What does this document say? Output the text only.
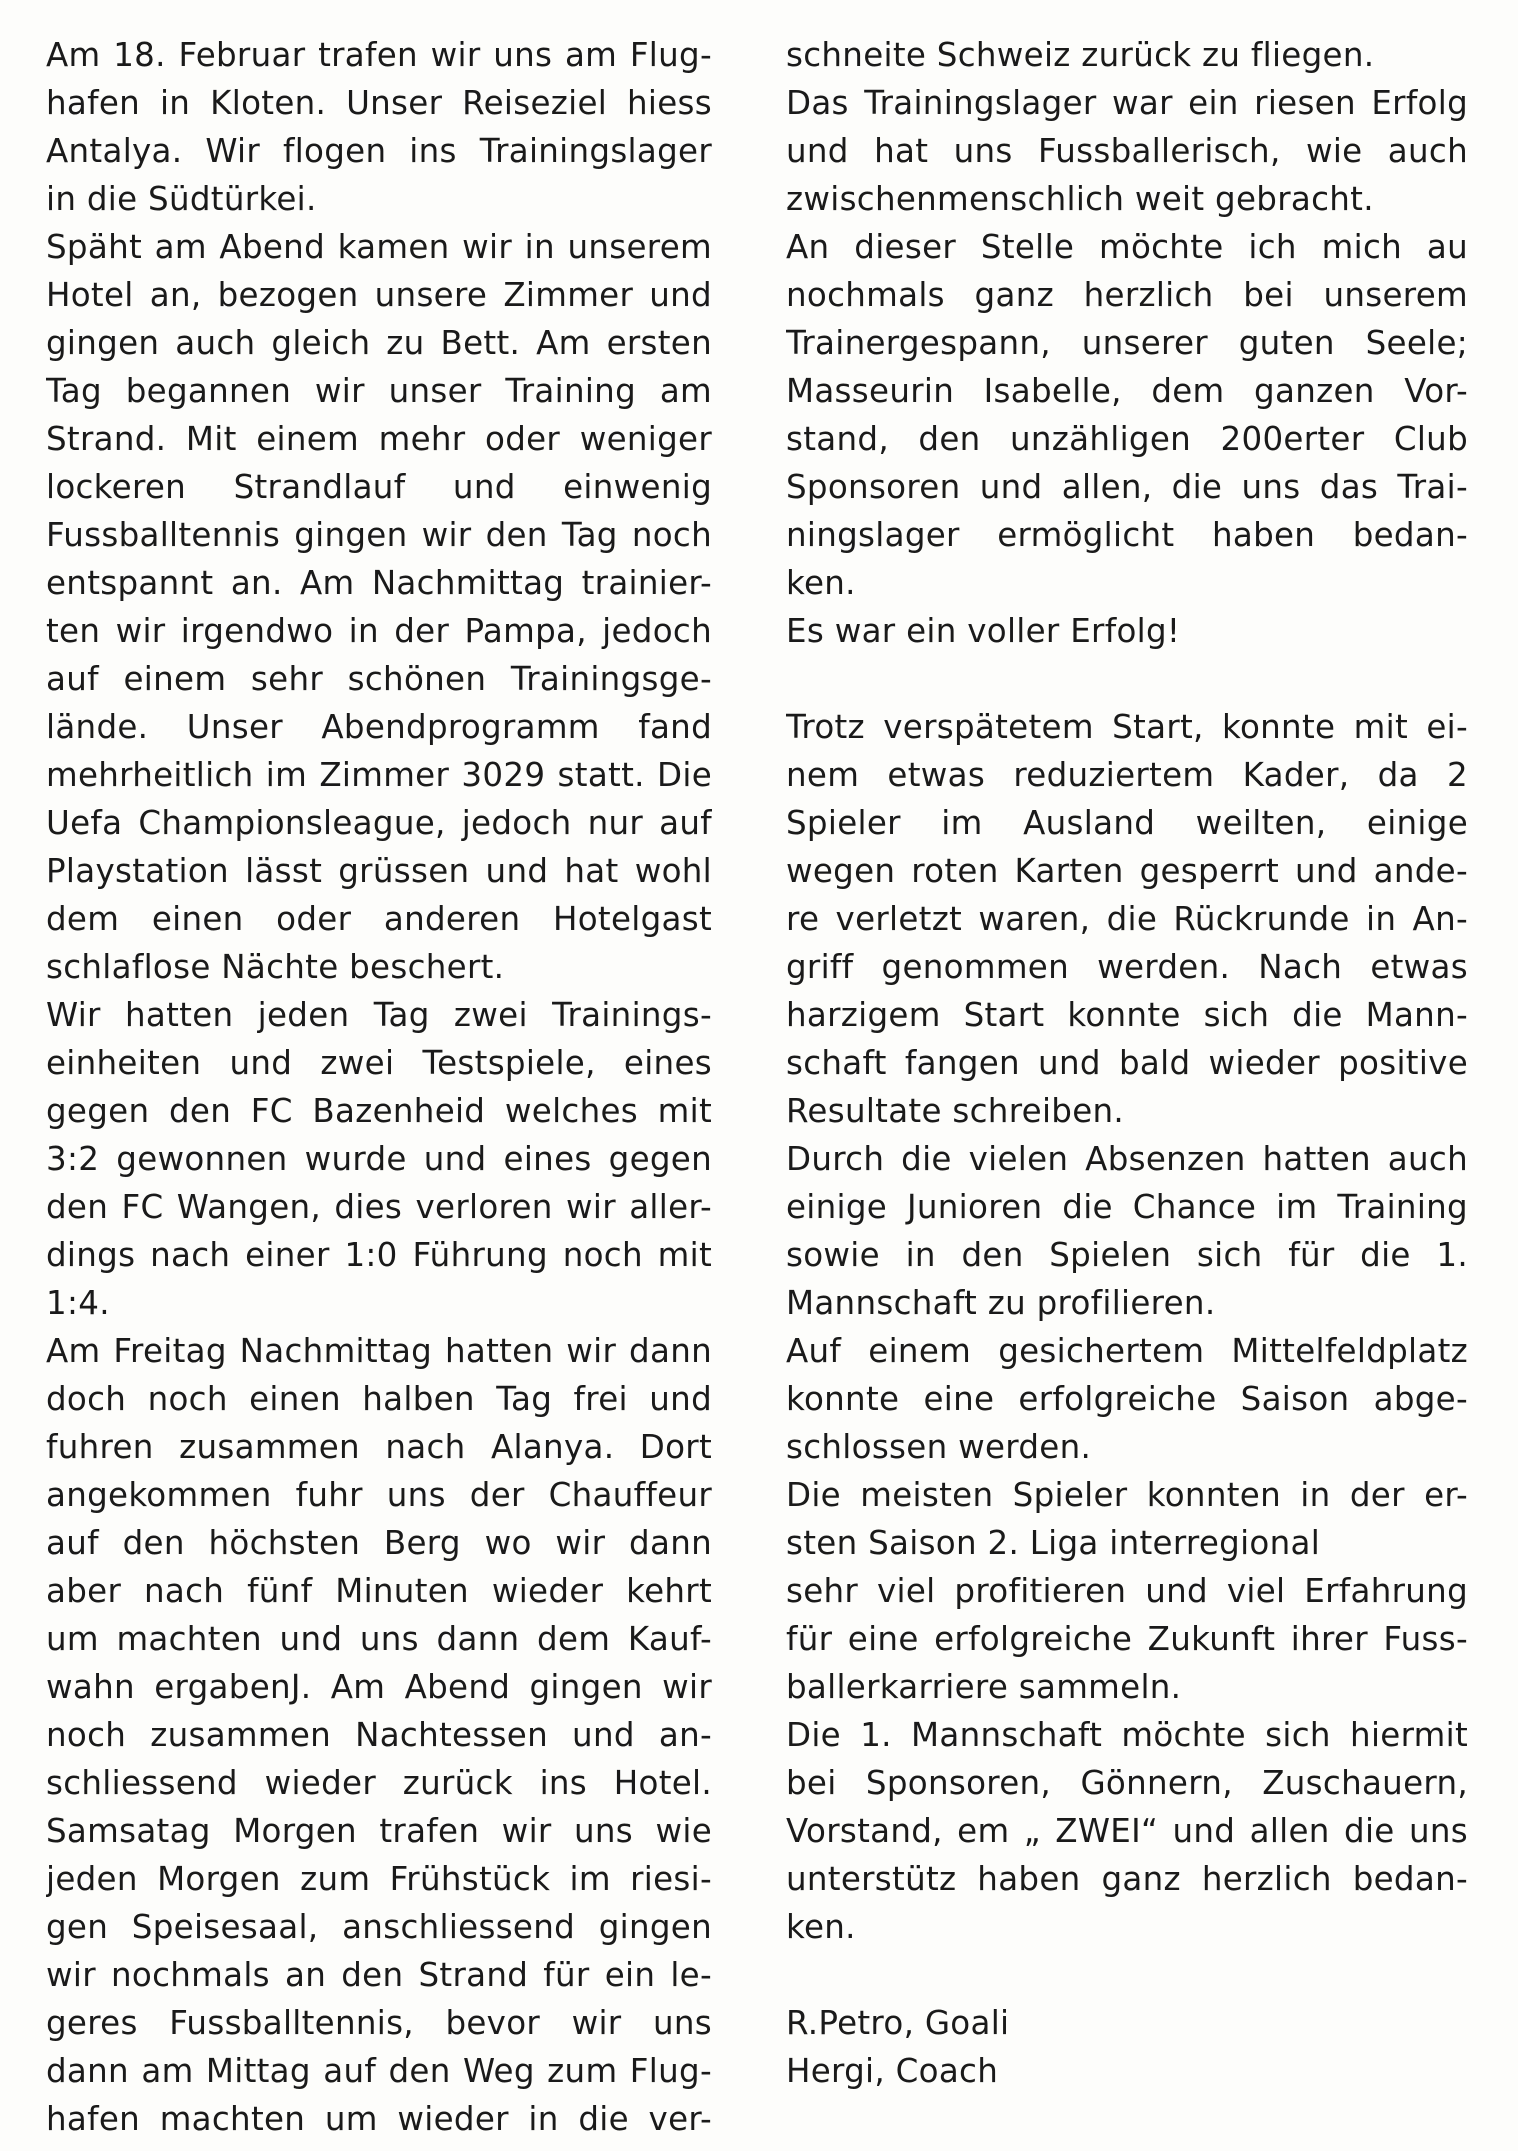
Am 18. Februar trafen wir uns am Flug-
hafen in Kloten. Unser Reiseziel hiess
Antalya. Wir flogen ins Trainingslager
in die Südtürkei.
Späht am Abend kamen wir in unserem
Hotel an, bezogen unsere Zimmer und
gingen auch gleich zu Bett. Am ersten
Tag begannen wir unser Training am
Strand. Mit einem mehr oder weniger
lockeren Strandlauf und einwenig
Fussballtennis gingen wir den Tag noch
entspannt an. Am Nachmittag trainier-
ten wir irgendwo in der Pampa, jedoch
auf einem sehr schönen Trainingsge-
lände. Unser Abendprogramm fand
mehrheitlich im Zimmer 3029 statt. Die
Uefa Championsleague, jedoch nur auf
Playstation lässt grüssen und hat wohl
dem einen oder anderen Hotelgast
schlaflose Nächte beschert.
Wir hatten jeden Tag zwei Trainings-
einheiten und zwei Testspiele, eines
gegen den FC Bazenheid welches mit
3:2 gewonnen wurde und eines gegen
den FC Wangen, dies verloren wir aller-
dings nach einer 1:0 Führung noch mit
1:4.
Am Freitag Nachmittag hatten wir dann
doch noch einen halben Tag frei und
fuhren zusammen nach Alanya. Dort
angekommen fuhr uns der Chauffeur
auf den höchsten Berg wo wir dann
aber nach fünf Minuten wieder kehrt
um machten und uns dann dem Kauf-
wahn ergabenJ. Am Abend gingen wir
noch zusammen Nachtessen und an-
schliessend wieder zurück ins Hotel.
Samsatag Morgen trafen wir uns wie
jeden Morgen zum Frühstück im riesi-
gen Speisesaal, anschliessend gingen
wir nochmals an den Strand für ein le-
geres Fussballtennis, bevor wir uns
dann am Mittag auf den Weg zum Flug-
hafen machten um wieder in die ver-
schneite Schweiz zurück zu fliegen.
Das Trainingslager war ein riesen Erfolg
und hat uns Fussballerisch, wie auch
zwischenmenschlich weit gebracht.
An dieser Stelle möchte ich mich au
nochmals ganz herzlich bei unserem
Trainergespann, unserer guten Seele;
Masseurin Isabelle, dem ganzen Vor-
stand, den unzähligen 200erter Club
Sponsoren und allen, die uns das Trai-
ningslager ermöglicht haben bedan-
ken.
Es war ein voller Erfolg!
Trotz verspätetem Start, konnte mit ei-
nem etwas reduziertem Kader, da 2
Spieler im Ausland weilten, einige
wegen roten Karten gesperrt und ande-
re verletzt waren, die Rückrunde in An-
griff genommen werden. Nach etwas
harzigem Start konnte sich die Mann-
schaft fangen und bald wieder positive
Resultate schreiben.
Durch die vielen Absenzen hatten auch
einige Junioren die Chance im Training
sowie in den Spielen sich für die 1.
Mannschaft zu profilieren.
Auf einem gesichertem Mittelfeldplatz
konnte eine erfolgreiche Saison abge-
schlossen werden.
Die meisten Spieler konnten in der er-
sten Saison 2. Liga interregional
sehr viel profitieren und viel Erfahrung
für eine erfolgreiche Zukunft ihrer Fuss-
ballerkarriere sammeln.
Die 1. Mannschaft möchte sich hiermit
bei Sponsoren, Gönnern, Zuschauern,
Vorstand, em „ ZWEI“ und allen die uns
unterstütz haben ganz herzlich bedan-
ken.
R.Petro, Goali
Hergi, Coach
